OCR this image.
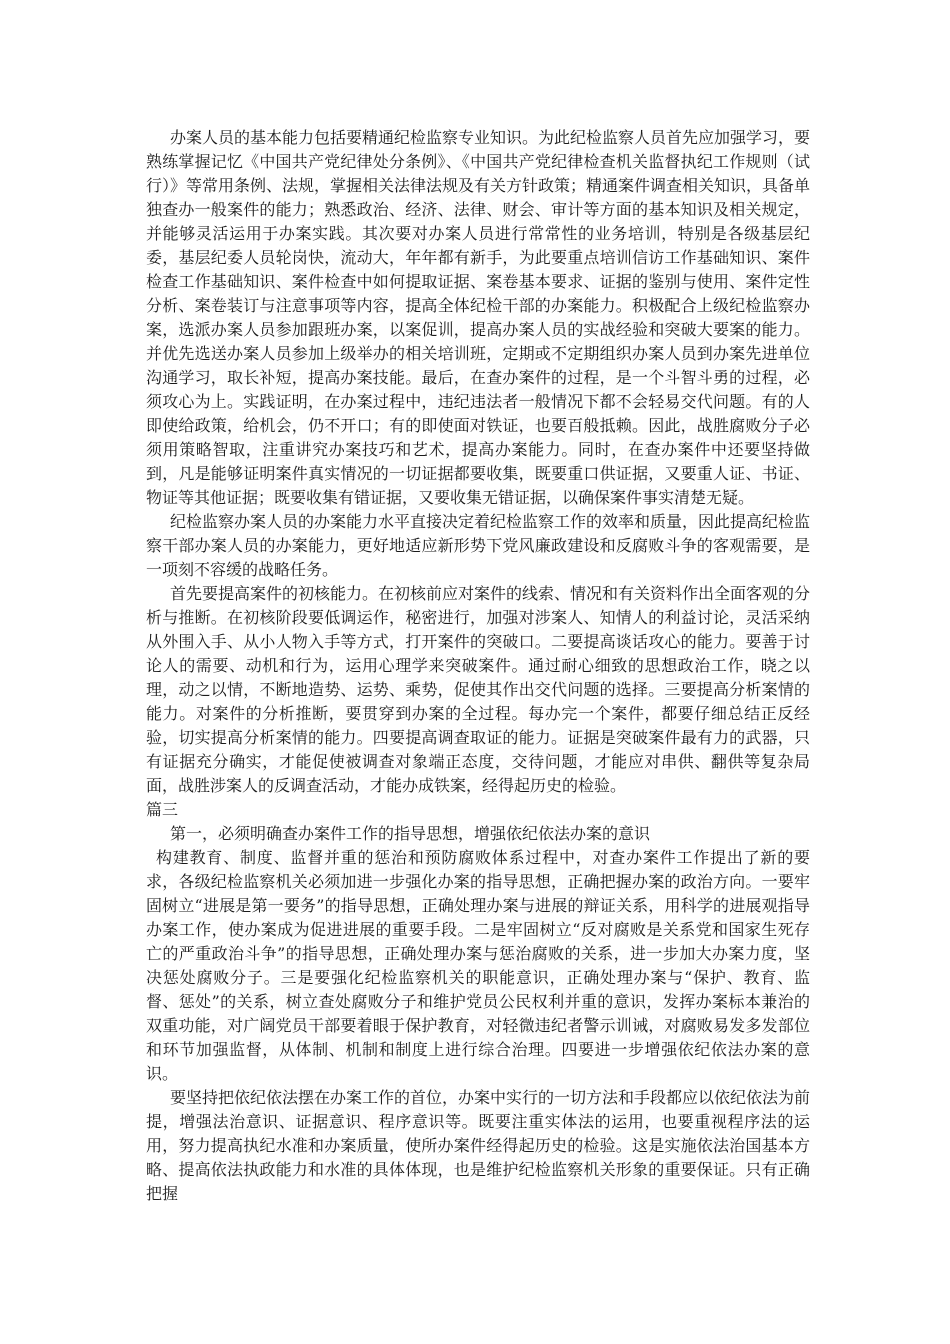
办案人员的基本能力包括要精通纪检监察专业知识。为此纪检监察人员首先应加强学习，要熟练掌握记忆《中国共产党纪律处分条例》、《中国共产党纪律检查机关监督执纪工作规则（试行）》等常用条例、法规，掌握相关法律法规及有关方针政策；精通案件调查相关知识，具备单独查办一般案件的能力；熟悉政治、经济、法律、财会、审计等方面的基本知识及相关规定，并能够灵活运用于办案实践。其次要对办案人员进行常常性的业务培训，特别是各级基层纪委，基层纪委人员轮岗快，流动大，年年都有新手，为此要重点培训信访工作基础知识、案件检查工作基础知识、案件检查中如何提取证据、案卷基本要求、证据的鉴别与使用、案件定性分析、案卷装订与注意事项等内容，提高全体纪检干部的办案能力。积极配合上级纪检监察办案，选派办案人员参加跟班办案，以案促训，提高办案人员的实战经验和突破大要案的能力。并优先选送办案人员参加上级举办的相关培训班，定期或不定期组织办案人员到办案先进单位沟通学习，取长补短，提高办案技能。最后，在查办案件的过程，是一个斗智斗勇的过程，必须攻心为上。实践证明，在办案过程中，违纪违法者一般情况下都不会轻易交代问题。有的人即使给政策，给机会，仍不开口；有的即使面对铁证，也要百般抵赖。因此，战胜腐败分子必须用策略智取，注重讲究办案技巧和艺术，提高办案能力。同时，在查办案件中还要坚持做到，凡是能够证明案件真实情况的一切证据都要收集，既要重口供证据，又要重人证、书证、物证等其他证据；既要收集有错证据，又要收集无错证据，以确保案件事实清楚无疑。

纪检监察办案人员的办案能力水平直接决定着纪检监察工作的效率和质量，因此提高纪检监察干部办案人员的办案能力，更好地适应新形势下党风廉政建设和反腐败斗争的客观需要，是一项刻不容缓的战略任务。

首先要提高案件的初核能力。在初核前应对案件的线索、情况和有关资料作出全面客观的分析与推断。在初核阶段要低调运作，秘密进行，加强对涉案人、知情人的利益讨论，灵活采纳从外围入手、从小人物入手等方式，打开案件的突破口。二要提高谈话攻心的能力。要善于讨论人的需要、动机和行为，运用心理学来突破案件。通过耐心细致的思想政治工作，晓之以理，动之以情，不断地造势、运势、乘势，促使其作出交代问题的选择。三要提高分析案情的能力。对案件的分析推断，要贯穿到办案的全过程。每办完一个案件，都要仔细总结正反经验，切实提高分析案情的能力。四要提高调查取证的能力。证据是突破案件最有力的武器，只有证据充分确实，才能促使被调查对象端正态度，交待问题，才能应对串供、翻供等复杂局面，战胜涉案人的反调查活动，才能办成铁案，经得起历史的检验。

篇三

第一，必须明确查办案件工作的指导思想，增强依纪依法办案的意识

构建教育、制度、监督并重的惩治和预防腐败体系过程中，对查办案件工作提出了新的要求，各级纪检监察机关必须加进一步强化办案的指导思想，正确把握办案的政治方向。一要牢固树立“进展是第一要务”的指导思想，正确处理办案与进展的辩证关系，用科学的进展观指导办案工作，使办案成为促进进展的重要手段。二是牢固树立“反对腐败是关系党和国家生死存亡的严重政治斗争”的指导思想，正确处理办案与惩治腐败的关系，进一步加大办案力度，坚决惩处腐败分子。三是要强化纪检监察机关的职能意识，正确处理办案与“保护、教育、监督、惩处”的关系，树立查处腐败分子和维护党员公民权利并重的意识，发挥办案标本兼治的双重功能，对广阔党员干部要着眼于保护教育，对轻微违纪者警示训诫，对腐败易发多发部位和环节加强监督，从体制、机制和制度上进行综合治理。四要进一步增强依纪依法办案的意识。

要坚持把依纪依法摆在办案工作的首位，办案中实行的一切方法和手段都应以依纪依法为前提，增强法治意识、证据意识、程序意识等。既要注重实体法的运用，也要重视程序法的运用，努力提高执纪水准和办案质量，使所办案件经得起历史的检验。这是实施依法治国基本方略、提高依法执政能力和水准的具体体现，也是维护纪检监察机关形象的重要保证。只有正确把握
